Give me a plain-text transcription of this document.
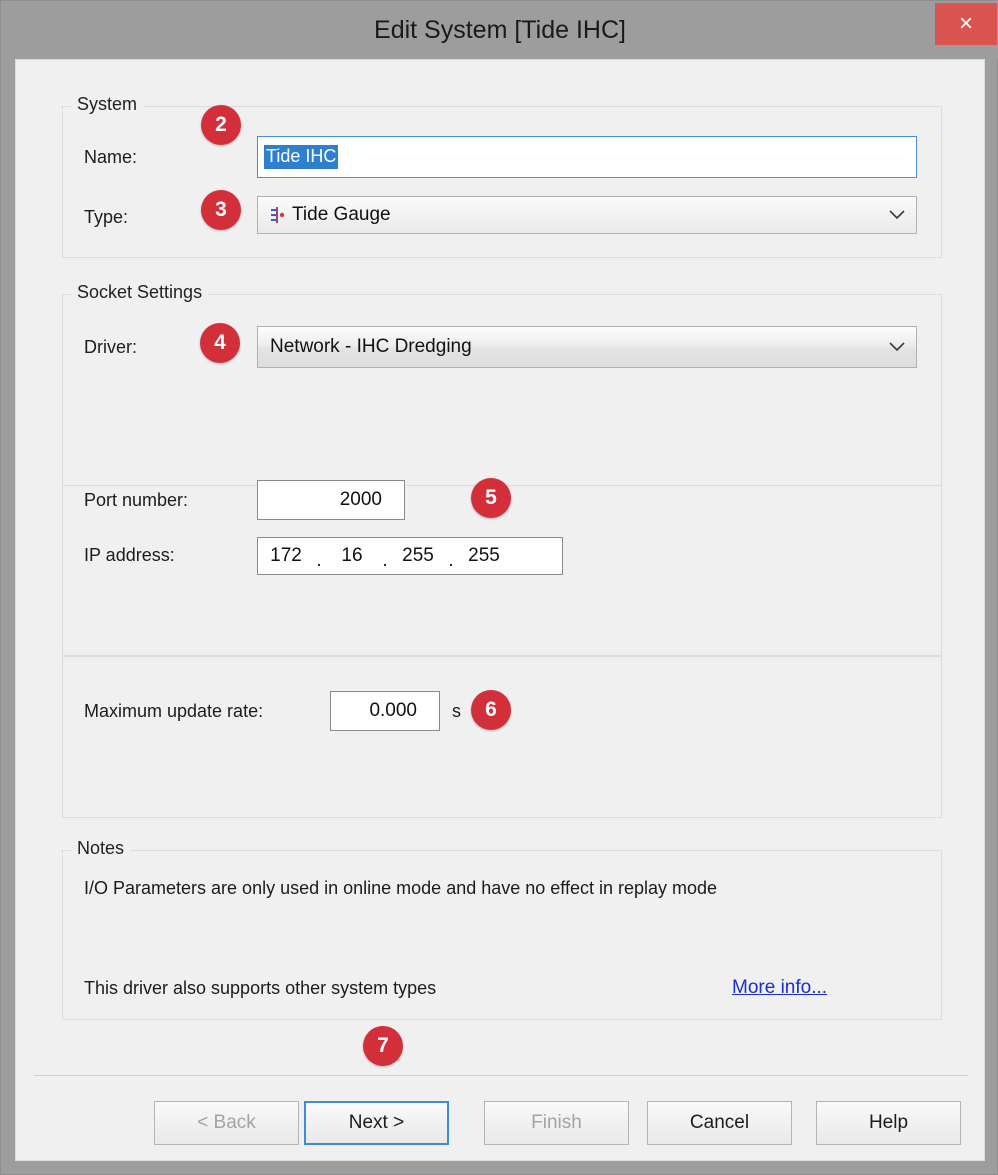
Edit System [Tide IHC]	×
System
Name:	Tide IHC
Type:	Tide Gauge
Socket Settings
Driver:	Network - IHC Dredging
Port number:	2000
IP address:	172 .	16	. 255 . 255
Maximum update rate:	0.000	s
Notes
I/O Parameters are only used in online mode and have no effect in replay mode
This driver also supports other system types	More info...
< Back	Next >	Finish	Cancel	Help
2
3
4
5
6
7
